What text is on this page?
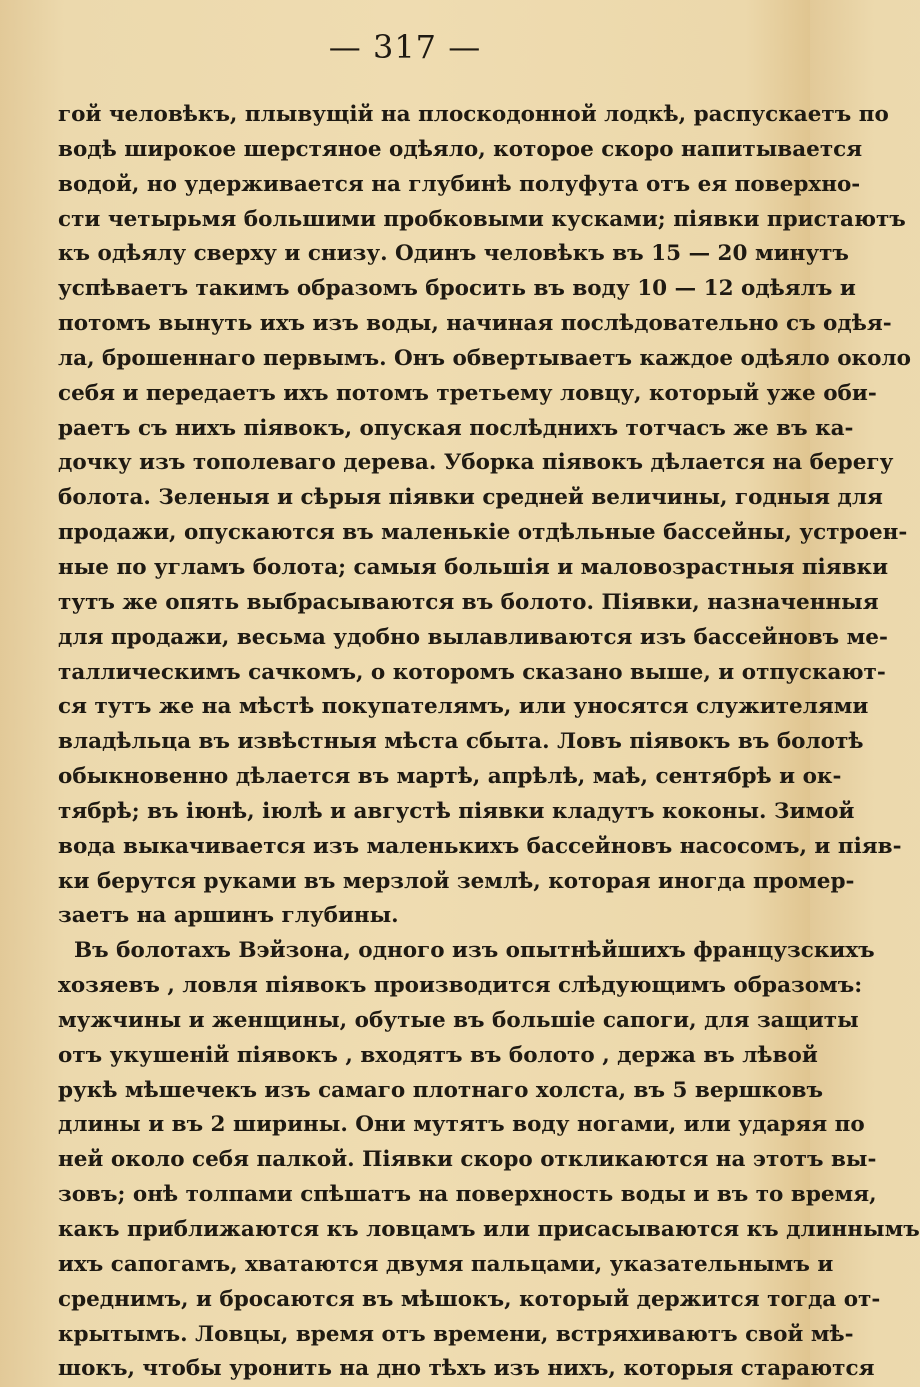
— 317 —
гой человѣкъ, плывущій на плоскодонной лодкѣ, распускаетъ по
водѣ широкое шерстяное одѣяло, которое скоро напитывается
водой, но удерживается на глубинѣ полуфута отъ ея поверхно-
сти четырьмя большими пробковыми кусками; піявки пристаютъ
къ одѣялу сверху и снизу. Одинъ человѣкъ въ 15 — 20 минутъ
успѣваетъ такимъ образомъ бросить въ воду 10 — 12 одѣялъ и
потомъ вынуть ихъ изъ воды, начиная послѣдовательно съ одѣя-
ла, брошеннаго первымъ. Онъ обвертываетъ каждое одѣяло около
себя и передаетъ ихъ потомъ третьему ловцу, который уже оби-
раетъ съ нихъ піявокъ, опуская послѣднихъ тотчасъ же въ ка-
дочку изъ тополеваго дерева. Уборка піявокъ дѣлается на берегу
болота. Зеленыя и сѣрыя піявки средней величины, годныя для
продажи, опускаются въ маленькіе отдѣльные бассейны, устроен-
ные по угламъ болота; самыя большія и маловозрастныя піявки
тутъ же опять выбрасываются въ болото. Піявки, назначенныя
для продажи, весьма удобно вылавливаются изъ бассейновъ ме-
таллическимъ сачкомъ, о которомъ сказано выше, и отпускают-
ся тутъ же на мѣстѣ покупателямъ, или уносятся служителями
владѣльца въ извѣстныя мѣста сбыта. Ловъ піявокъ въ болотѣ
обыкновенно дѣлается въ мартѣ, апрѣлѣ, маѣ, сентябрѣ и ок-
тябрѣ; въ іюнѣ, іюлѣ и августѣ піявки кладутъ коконы. Зимой
вода выкачивается изъ маленькихъ бассейновъ насосомъ, и піяв-
ки берутся руками въ мерзлой землѣ, которая иногда промер-
заетъ на аршинъ глубины.
Въ болотахъ Вэйзона, одного изъ опытнѣйшихъ французскихъ
хозяевъ , ловля піявокъ производится слѣдующимъ образомъ:
мужчины и женщины, обутые въ большіе сапоги, для защиты
отъ укушеній піявокъ , входятъ въ болото , держа въ лѣвой
рукѣ мѣшечекъ изъ самаго плотнаго холста, въ 5 вершковъ
длины и въ 2 ширины. Они мутятъ воду ногами, или ударяя по
ней около себя палкой. Піявки скоро откликаются на этотъ вы-
зовъ; онѣ толпами спѣшатъ на поверхность воды и въ то время,
какъ приближаются къ ловцамъ или присасываются къ длиннымъ
ихъ сапогамъ, хватаются двумя пальцами, указательнымъ и
среднимъ, и бросаются въ мѣшокъ, который держится тогда от-
крытымъ. Ловцы, время отъ времени, встряхиваютъ свой мѣ-
шокъ, чтобы уронить на дно тѣхъ изъ нихъ, которыя стараются
